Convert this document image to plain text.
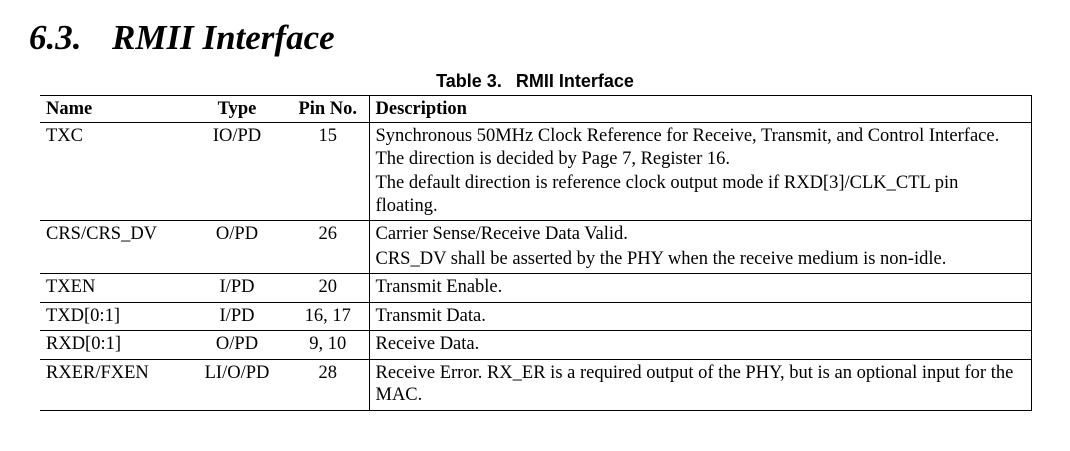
6.3. RMII Interface
Table 3. RMII Interface
Name	Type	Pin No.	Description
TXC	IO/PD	15	Synchronous 50MHz Clock Reference for Receive, Transmit, and Control Interface. The direction is decided by Page 7, Register 16.
The default direction is reference clock output mode if RXD[3]/CLK_CTL pin floating.

CRS/CRS_DV	O/PD	26	Carrier Sense/Receive Data Valid.
CRS_DV shall be asserted by the PHY when the receive medium is non-idle.

TXEN	I/PD	20	Transmit Enable.

TXD[0:1]	I/PD	16, 17	Transmit Data.

RXD[0:1]	O/PD	9, 10	Receive Data.

RXER/FXEN	LI/O/PD	28	Receive Error. RX_ER is a required output of the PHY, but is an optional input for the MAC.
